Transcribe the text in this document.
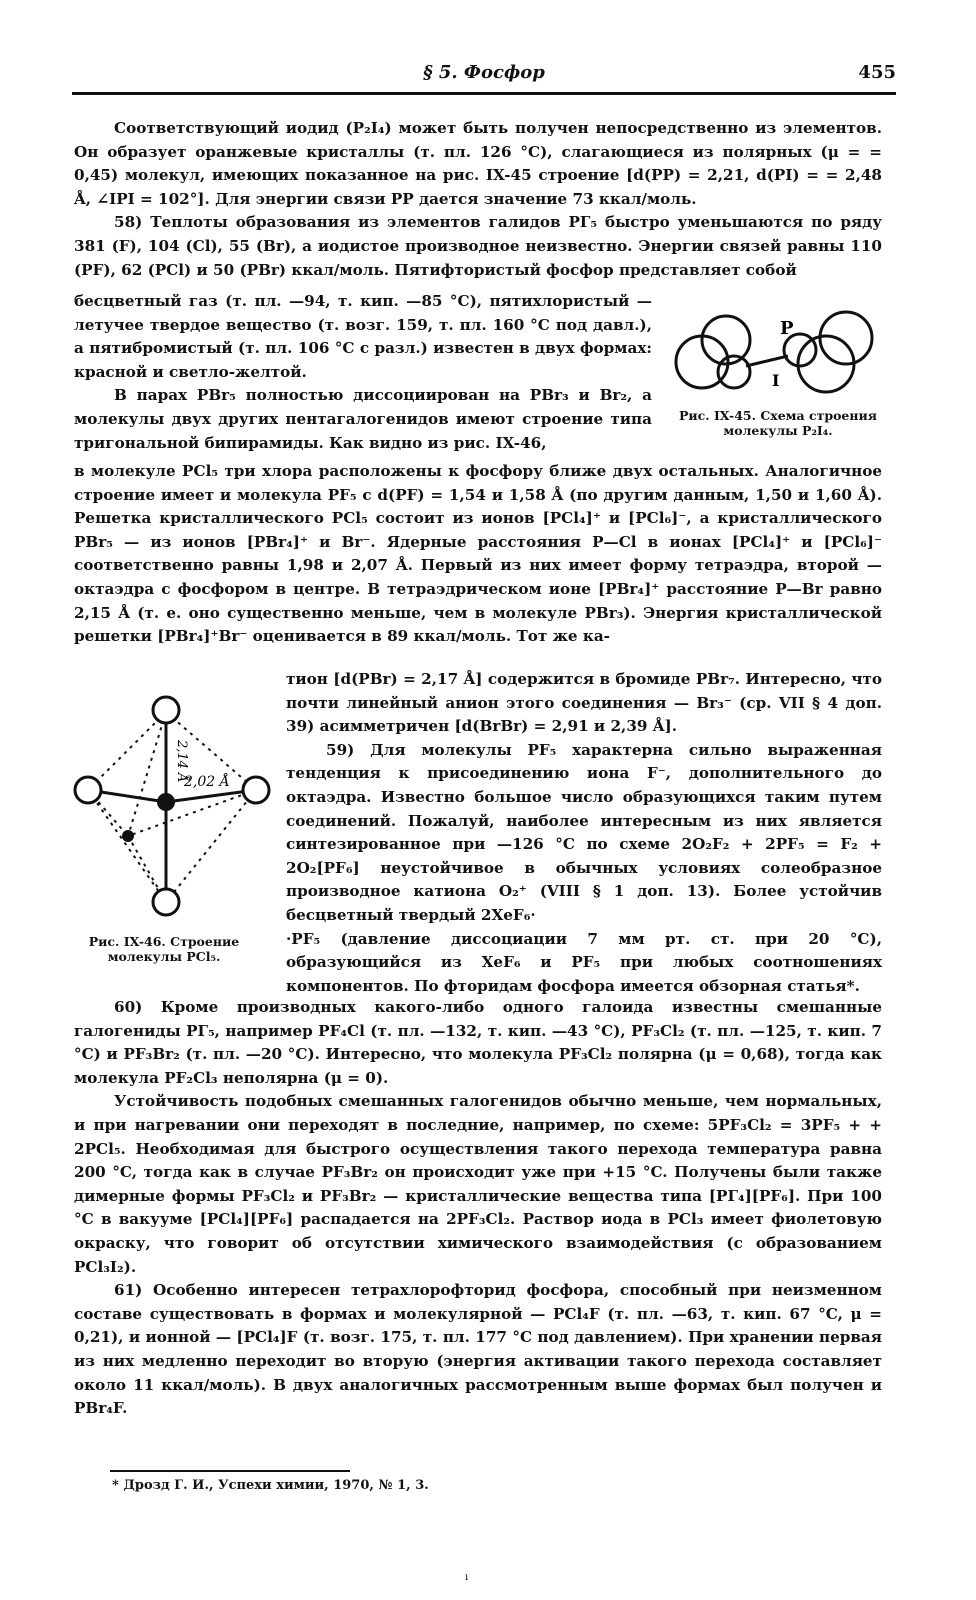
§ 5. Фосфор	455

Соответствующий иодид (P₂I₄) может быть получен непосредственно из элементов. Он образует оранжевые кристаллы (т. пл. 126 °C), слагающиеся из полярных (μ = = 0,45) молекул, имеющих показанное на рис. IX-45 строение [d(PP) = 2,21, d(PI) = = 2,48 Å, ∠IPI = 102°]. Для энергии связи PP дается значение 73 ккал/моль.

58) Теплоты образования из элементов галидов PГ₅ быстро уменьшаются по ряду 381 (F), 104 (Cl), 55 (Br), а иодистое производное неизвестно. Энергии связей равны 110 (PF), 62 (PCl) и 50 (PBr) ккал/моль. Пятифтористый фосфор представляет собой

бесцветный газ (т. пл. —94, т. кип. —85 °C), пятихлористый — летучее твердое вещество (т. возг. 159, т. пл. 160 °C под давл.), а пятибромистый (т. пл. 106 °C с разл.) известен в двух формах: красной и светло-желтой.

В парах PBr₅ полностью диссоциирован на PBr₃ и Br₂, а молекулы двух других пентагалогенидов имеют строение типа тригональной бипирамиды. Как видно из рис. IX-46,

P
I
Рис. IX-45. Схема строения молекулы P₂I₄.

в молекуле PCl₅ три хлора расположены к фосфору ближе двух остальных. Аналогичное строение имеет и молекула PF₅ с d(PF) = 1,54 и 1,58 Å (по другим данным, 1,50 и 1,60 Å). Решетка кристаллического PCl₅ состоит из ионов [PCl₄]⁺ и [PCl₆]⁻, а кристаллического PBr₅ — из ионов [PBr₄]⁺ и Br⁻. Ядерные расстояния P—Cl в ионах [PCl₄]⁺ и [PCl₆]⁻ соответственно равны 1,98 и 2,07 Å. Первый из них имеет форму тетраэдра, второй — октаэдра с фосфором в центре. В тетраэдрическом ионе [PBr₄]⁺ расстояние P—Br равно 2,15 Å (т. е. оно существенно меньше, чем в молекуле PBr₃). Энергия кристаллической решетки [PBr₄]⁺Br⁻ оценивается в 89 ккал/моль. Тот же ка-

2,14 Å
2,02 Å
Рис. IX-46. Строение молекулы PCl₅.

тион [d(PBr) = 2,17 Å] содержится в бромиде PBr₇. Интересно, что почти линейный анион этого соединения — Br₃⁻ (ср. VII § 4 доп. 39) асимметричен [d(BrBr) = 2,91 и 2,39 Å].

59) Для молекулы PF₅ характерна сильно выраженная тенденция к присоединению иона F⁻, дополнительного до октаэдра. Известно большое число образующихся таким путем соединений. Пожалуй, наиболее интересным из них является синтезированное при —126 °C по схеме 2O₂F₂ + 2PF₅ = F₂ + 2O₂[PF₆] неустойчивое в обычных условиях солеобразное производное катиона O₂⁺ (VIII § 1 доп. 13). Более устойчив бесцветный твердый 2XeF₆·

·PF₅ (давление диссоциации 7 мм рт. ст. при 20 °C), образующийся из XeF₆ и PF₅ при любых соотношениях компонентов. По фторидам фосфора имеется обзорная статья*.

60) Кроме производных какого-либо одного галоида известны смешанные галогениды PГ₅, например PF₄Cl (т. пл. —132, т. кип. —43 °C), PF₃Cl₂ (т. пл. —125, т. кип. 7 °C) и PF₃Br₂ (т. пл. —20 °C). Интересно, что молекула PF₃Cl₂ полярна (μ = 0,68), тогда как молекула PF₂Cl₃ неполярна (μ = 0).

Устойчивость подобных смешанных галогенидов обычно меньше, чем нормальных, и при нагревании они переходят в последние, например, по схеме: 5PF₃Cl₂ = 3PF₅ + + 2PCl₅. Необходимая для быстрого осуществления такого перехода температура равна 200 °C, тогда как в случае PF₃Br₂ он происходит уже при +15 °C. Получены были также димерные формы PF₃Cl₂ и PF₃Br₂ — кристаллические вещества типа [PГ₄][PF₆]. При 100 °C в вакууме [PCl₄][PF₆] распадается на 2PF₃Cl₂. Раствор иода в PCl₃ имеет фиолетовую окраску, что говорит об отсутствии химического взаимодействия (с образованием PCl₃I₂).

61) Особенно интересен тетрахлорофторид фосфора, способный при неизменном составе существовать в формах и молекулярной — PCl₄F (т. пл. —63, т. кип. 67 °C, μ = 0,21), и ионной — [PCl₄]F (т. возг. 175, т. пл. 177 °C под давлением). При хранении первая из них медленно переходит во вторую (энергия активации такого перехода составляет около 11 ккал/моль). В двух аналогичных рассмотренным выше формах был получен и PBr₄F.

* Дрозд Г. И., Успехи химии, 1970, № 1, 3.
ı
